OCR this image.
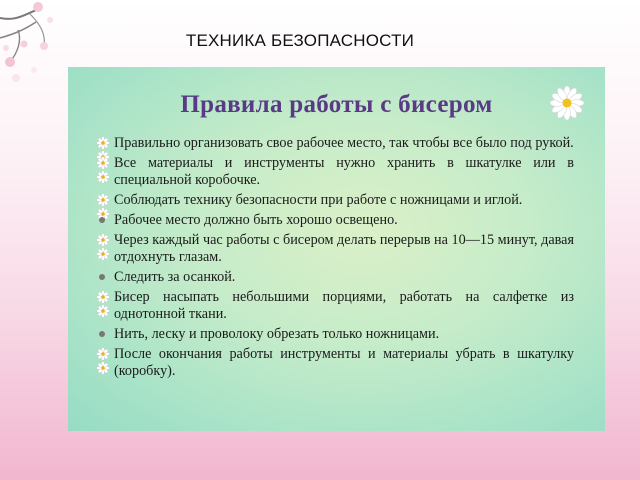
ТЕХНИКА БЕЗОПАСНОСТИ
Правила работы с бисером
Правильно организовать свое рабочее место, так чтобы все было под рукой.
Все материалы и инструменты нужно хранить в шкатулке или в специальной коробочке.
Соблюдать технику безопасности при работе с ножницами и иглой.
Рабочее место должно быть хорошо освещено.
Через каждый час работы с бисером делать перерыв на 10—15 минут, давая отдохнуть глазам.
Следить за осанкой.
Бисер насыпать небольшими порциями, работать на салфетке из однотонной ткани.
Нить, леску и проволоку обрезать только ножницами.
После окончания работы инструменты и материалы убрать в шкатулку (коробку).
